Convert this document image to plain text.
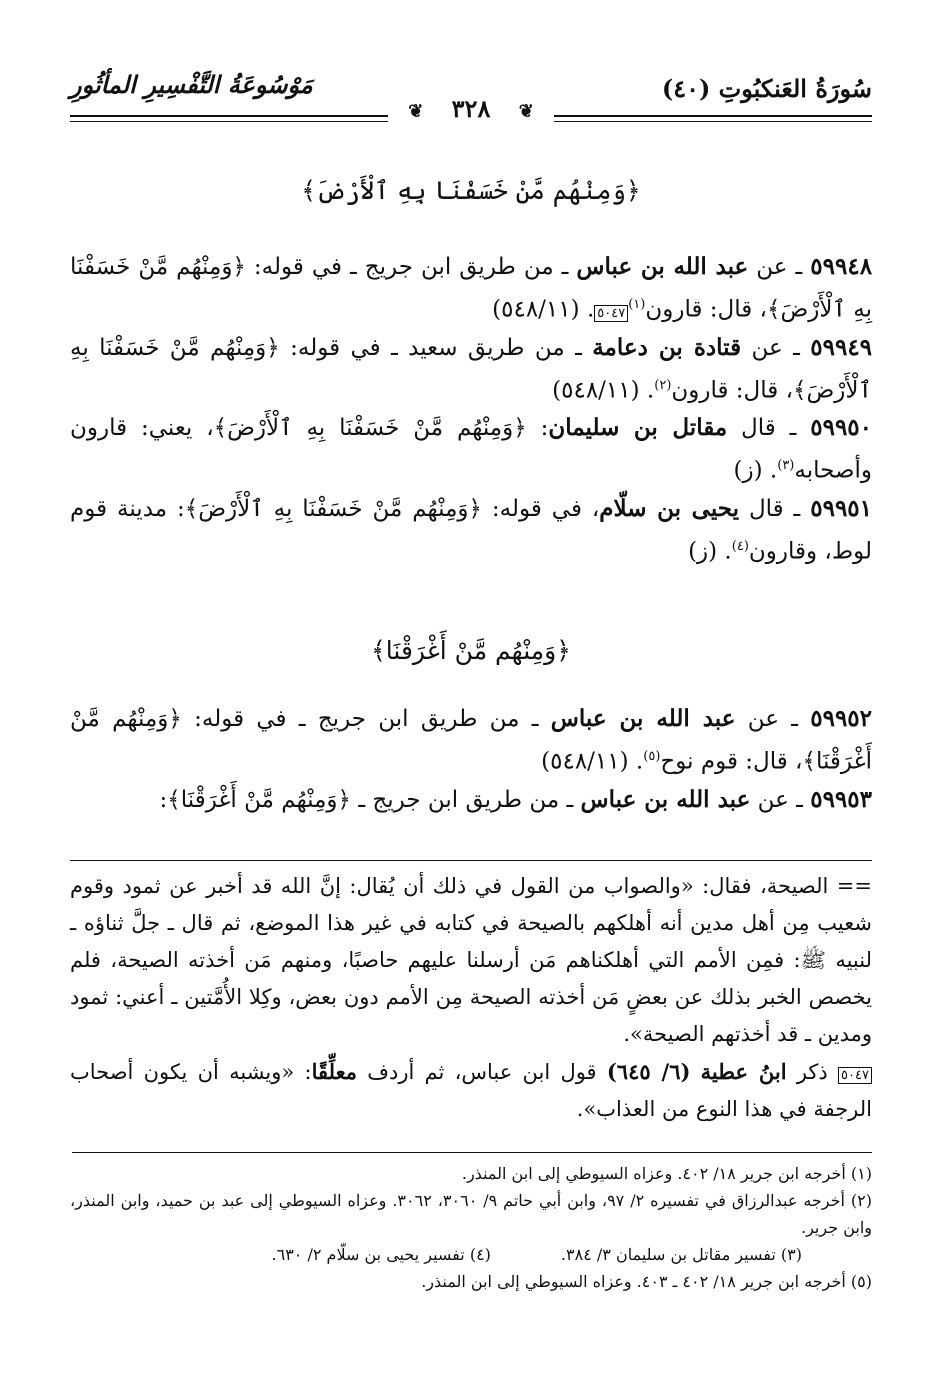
سُورَةُ العَنكبُوتِ (٤٠)
مَوْسُوعَةُ التَّفْسِيرِ المأثُورِ
❦ ٣٢٨ ❦
﴿وَمِنْهُم مَّنْ خَسَفْنَا بِهِ ٱلْأَرْضَ﴾

٥٩٩٤٨ ـ عن عبد الله بن عباس ـ من طريق ابن جريج ـ في قوله: ﴿وَمِنْهُم مَّنْ خَسَفْنَا بِهِ ٱلْأَرْضَ﴾، قال: قارون$^{(١)}$٥٠٤٧. (٥٤٨/١١)

٥٩٩٤٩ ـ عن قتادة بن دعامة ـ من طريق سعيد ـ في قوله: ﴿وَمِنْهُم مَّنْ خَسَفْنَا بِهِ ٱلْأَرْضَ﴾، قال: قارون$^{(٢)}$. (٥٤٨/١١)

٥٩٩٥٠ ـ قال مقاتل بن سليمان: ﴿وَمِنْهُم مَّنْ خَسَفْنَا بِهِ ٱلْأَرْضَ﴾، يعني: قارون وأصحابه$^{(٣)}$. (ز)

٥٩٩٥١ ـ قال يحيى بن سلّام، في قوله: ﴿وَمِنْهُم مَّنْ خَسَفْنَا بِهِ ٱلْأَرْضَ﴾: مدينة قوم لوط، وقارون$^{(٤)}$. (ز)

﴿وَمِنْهُم مَّنْ أَغْرَقْنَا﴾

٥٩٩٥٢ ـ عن عبد الله بن عباس ـ من طريق ابن جريج ـ في قوله: ﴿وَمِنْهُم مَّنْ أَغْرَقْنَا﴾، قال: قوم نوح$^{(٥)}$. (٥٤٨/١١)

٥٩٩٥٣ ـ عن عبد الله بن عباس ـ من طريق ابن جريج ـ ﴿وَمِنْهُم مَّنْ أَغْرَقْنَا﴾:

== الصيحة، فقال: «والصواب من القول في ذلك أن يُقال: إنَّ الله قد أخبر عن ثمود وقوم شعيب مِن أهل مدين أنه أهلكهم بالصيحة في كتابه في غير هذا الموضع، ثم قال ـ جلَّ ثناؤه ـ لنبيه ﷺ: فمِن الأمم التي أهلكناهم مَن أرسلنا عليهم حاصبًا، ومنهم مَن أخذته الصيحة، فلم يخصص الخبر بذلك عن بعضٍ مَن أخذته الصيحة مِن الأمم دون بعض، وكِلا الأُمَّتين ـ أعني: ثمود ومدين ـ قد أخذتهم الصيحة».

٥٠٤٧ ذكر ابنُ عطية (٦/ ٦٤٥) قول ابن عباس، ثم أردف معلِّقًا: «ويشبه أن يكون أصحاب الرجفة في هذا النوع من العذاب».

(١) أخرجه ابن جرير ١٨/ ٤٠٢. وعزاه السيوطي إلى ابن المنذر.

(٢) أخرجه عبدالرزاق في تفسيره ٢/ ٩٧، وابن أبي حاتم ٩/ ٣٠٦٠، ٣٠٦٢. وعزاه السيوطي إلى عبد بن حميد، وابن المنذر، وابن جرير.

(٣) تفسير مقاتل بن سليمان ٣/ ٣٨٤.

(٤) تفسير يحيى بن سلّام ٢/ ٦٣٠.

(٥) أخرجه ابن جرير ١٨/ ٤٠٢ ـ ٤٠٣. وعزاه السيوطي إلى ابن المنذر.
